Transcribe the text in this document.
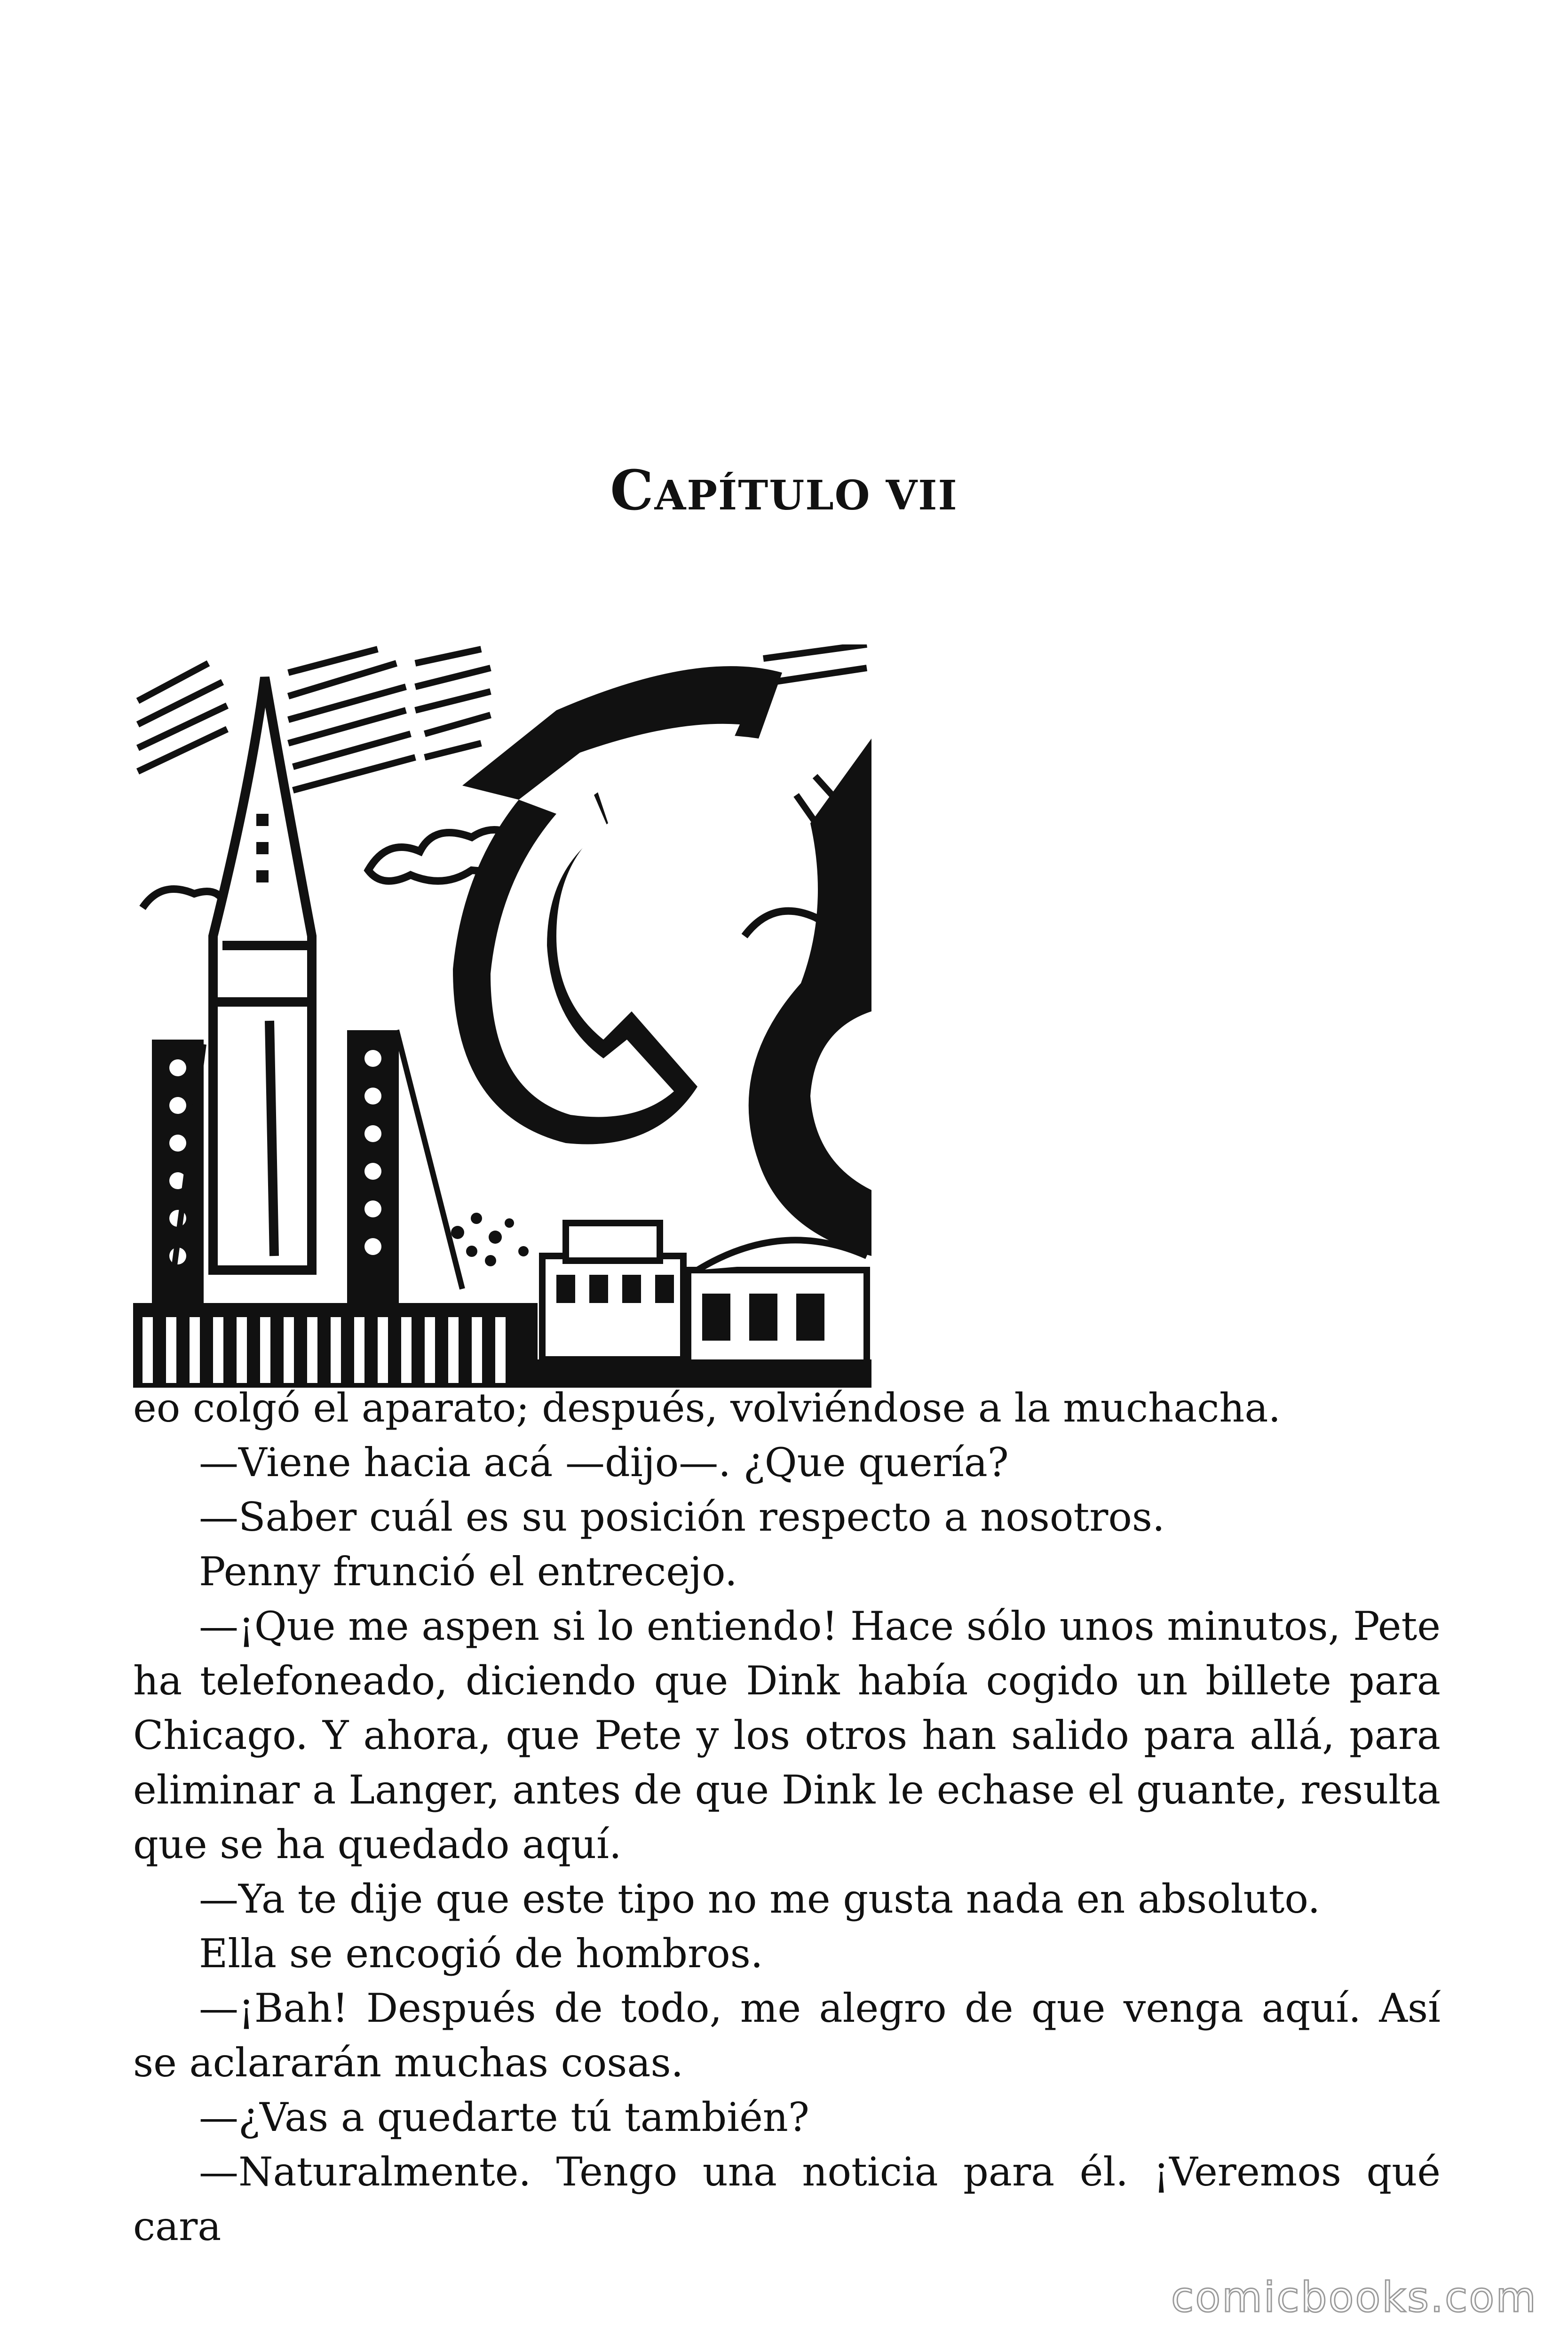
CAPÍTULO VII

eo colgó el aparato; después, volviéndose a la muchacha.

—Viene hacia acá —dijo—. ¿Que quería?

—Saber cuál es su posición respecto a nosotros.

Penny frunció el entrecejo.

—¡Que me aspen si lo entiendo! Hace sólo unos minutos, Pete ha telefoneado, diciendo que Dink había cogido un billete para Chicago. Y ahora, que Pete y los otros han salido para allá, para eliminar a Langer, antes de que Dink le echase el guante, resulta que se ha quedado aquí.

—Ya te dije que este tipo no me gusta nada en absoluto.

Ella se encogió de hombros.

—¡Bah! Después de todo, me alegro de que venga aquí. Así se aclararán muchas cosas.

—¿Vas a quedarte tú también?

—Naturalmente. Tengo una noticia para él. ¡Veremos qué cara

comicbooks.com
